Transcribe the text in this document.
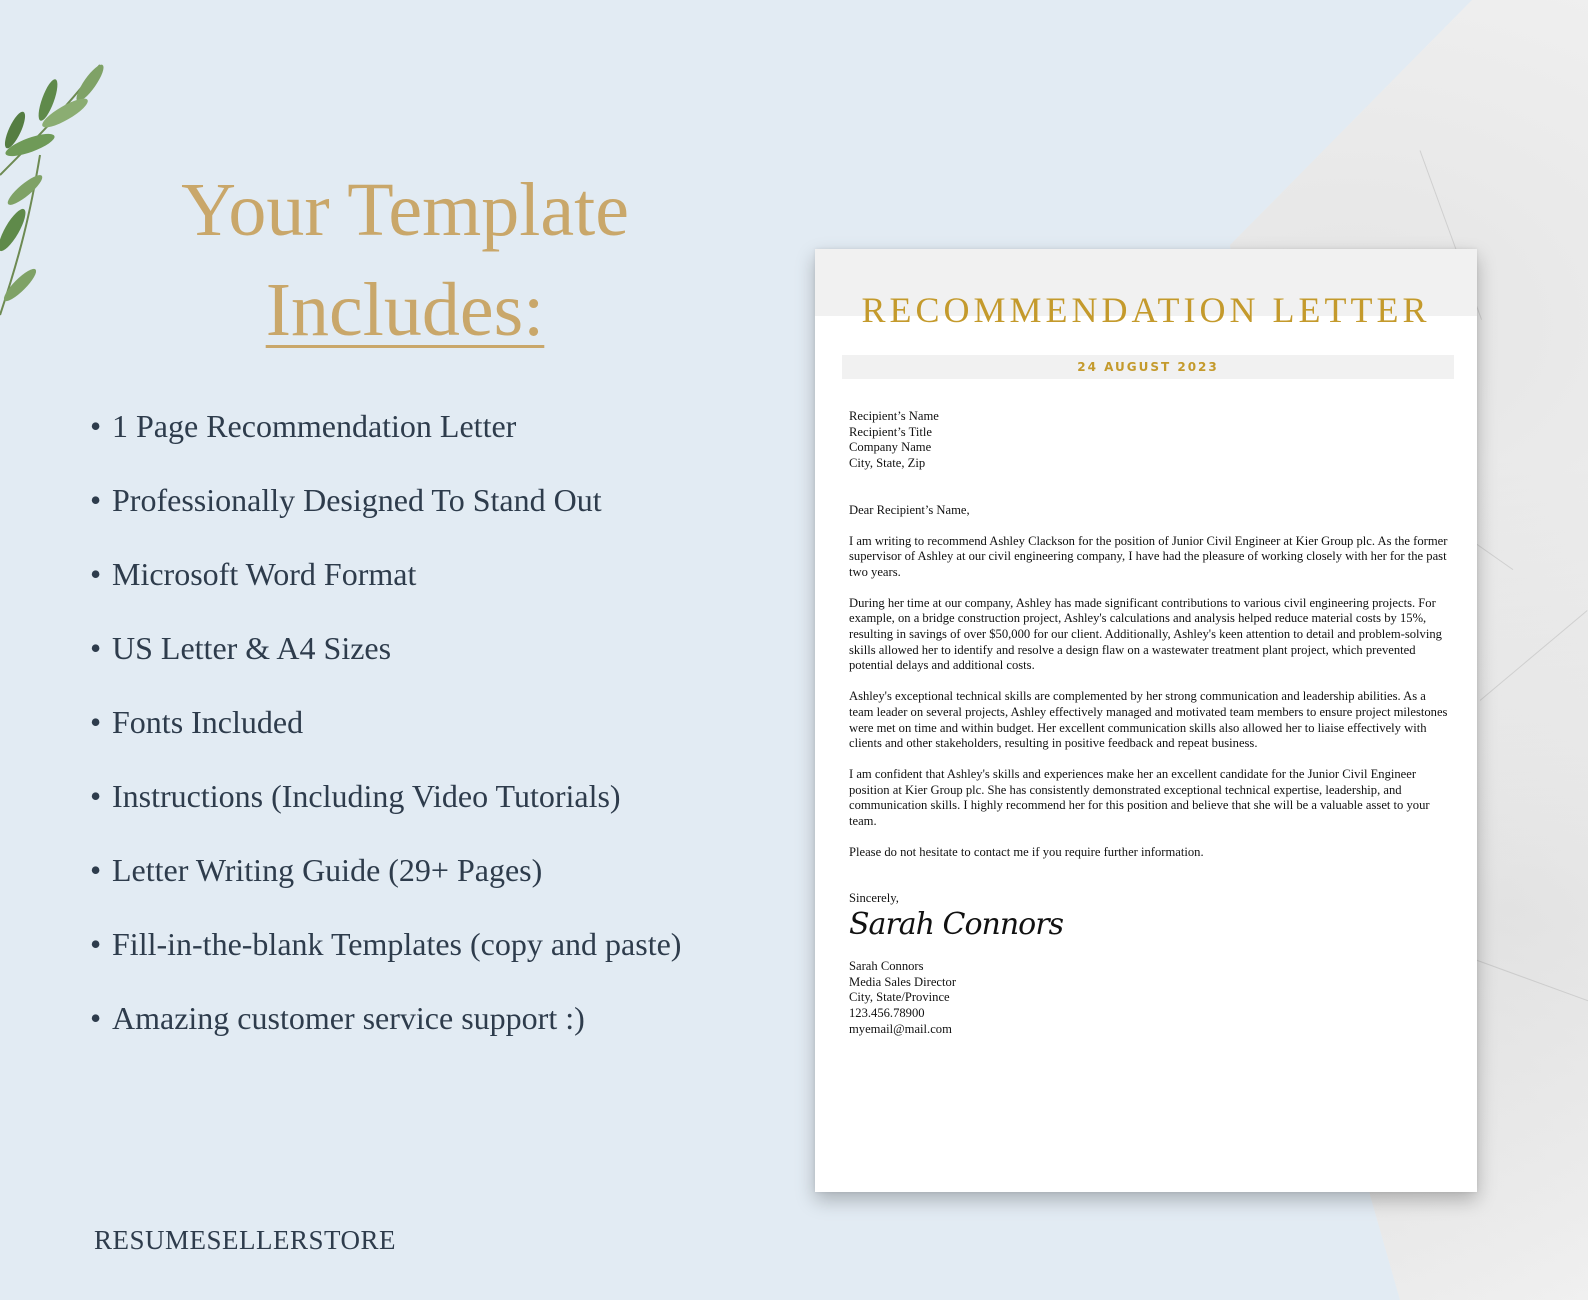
Your Template
Includes:
• 1 Page Recommendation Letter
• Professionally Designed To Stand Out
• Microsoft Word Format
• US Letter & A4 Sizes
• Fonts Included
• Instructions (Including Video Tutorials)
• Letter Writing Guide (29+ Pages)
• Fill-in-the-blank Templates (copy and paste)
• Amazing customer service support :)
RESUMESELLERSTORE
RECOMMENDATION LETTER
24 AUGUST 2023
Recipient’s Name
Recipient’s Title
Company Name
City, State, Zip
Dear Recipient’s Name,
I am writing to recommend Ashley Clackson for the position of Junior Civil Engineer at Kier Group plc. As the former supervisor of Ashley at our civil engineering company, I have had the pleasure of working closely with her for the past two years.
During her time at our company, Ashley has made significant contributions to various civil engineering projects. For example, on a bridge construction project, Ashley's calculations and analysis helped reduce material costs by 15%, resulting in savings of over $50,000 for our client. Additionally, Ashley's keen attention to detail and problem-solving skills allowed her to identify and resolve a design flaw on a wastewater treatment plant project, which prevented potential delays and additional costs.
Ashley's exceptional technical skills are complemented by her strong communication and leadership abilities. As a team leader on several projects, Ashley effectively managed and motivated team members to ensure project milestones were met on time and within budget. Her excellent communication skills also allowed her to liaise effectively with clients and other stakeholders, resulting in positive feedback and repeat business.
I am confident that Ashley's skills and experiences make her an excellent candidate for the Junior Civil Engineer position at Kier Group plc. She has consistently demonstrated exceptional technical expertise, leadership, and communication skills. I highly recommend her for this position and believe that she will be a valuable asset to your team.
Please do not hesitate to contact me if you require further information.
Sincerely,
Sarah Connors
Sarah Connors
Media Sales Director
City, State/Province
123.456.78900
myemail@mail.com
